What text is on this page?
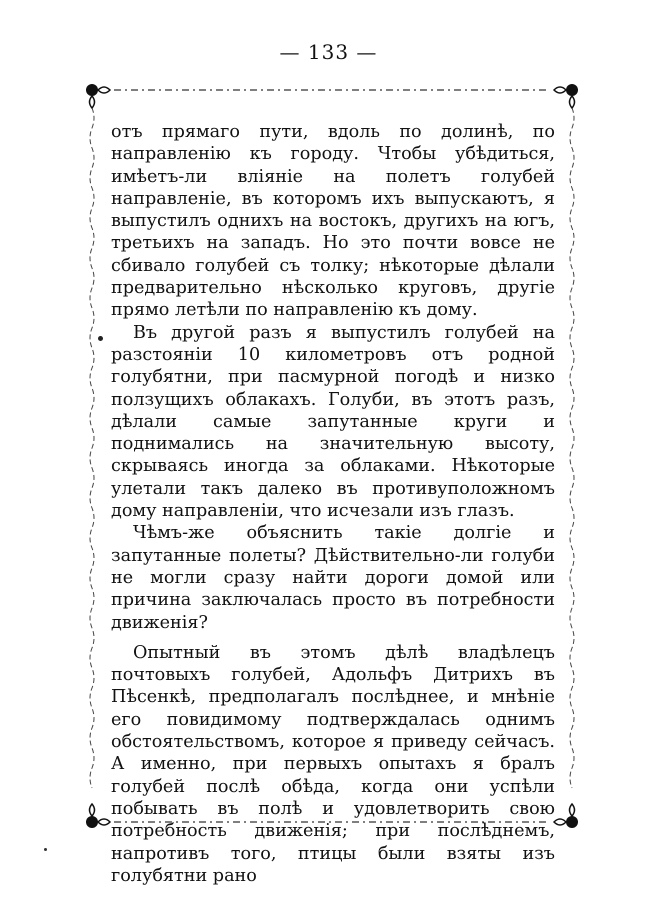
— 133 —

отъ прямаго пути, вдоль по долинѣ, по направленію къ городу. Чтобы убѣдиться, имѣетъ-ли вліяніе на полетъ голубей направленіе, въ которомъ ихъ выпускаютъ, я выпустилъ однихъ на востокъ, другихъ на югъ, третьихъ на западъ. Но это почти вовсе не сбивало голубей съ толку; нѣкоторые дѣлали предварительно нѣсколько круговъ, другіе прямо летѣли по направленію къ дому.

Въ другой разъ я выпустилъ голубей на разстояніи 10 километровъ отъ родной голубятни, при пасмурной погодѣ и низко ползущихъ облакахъ. Голуби, въ этотъ разъ, дѣлали самые запутанные круги и поднимались на значительную высоту, скрываясь иногда за облаками. Нѣкоторые улетали такъ далеко въ противуположномъ дому направленіи, что исчезали изъ глазъ.

Чѣмъ-же объяснить такіе долгіе и запутанные полеты? Дѣйствительно-ли голуби не могли сразу найти дороги домой или причина заключалась просто въ потребности движенія?

Опытный въ этомъ дѣлѣ владѣлецъ почтовыхъ голубей, Адольфъ Дитрихъ въ Пѣсенкѣ, предполагалъ послѣднее, и мнѣніе его повидимому подтверждалась однимъ обстоятельствомъ, которое я приведу сейчасъ. А именно, при первыхъ опытахъ я бралъ голубей послѣ обѣда, когда они успѣли побывать въ полѣ и удовлетворить свою потребность движенія; при послѣднемъ, напротивъ того, птицы были взяты изъ голубятни рано
